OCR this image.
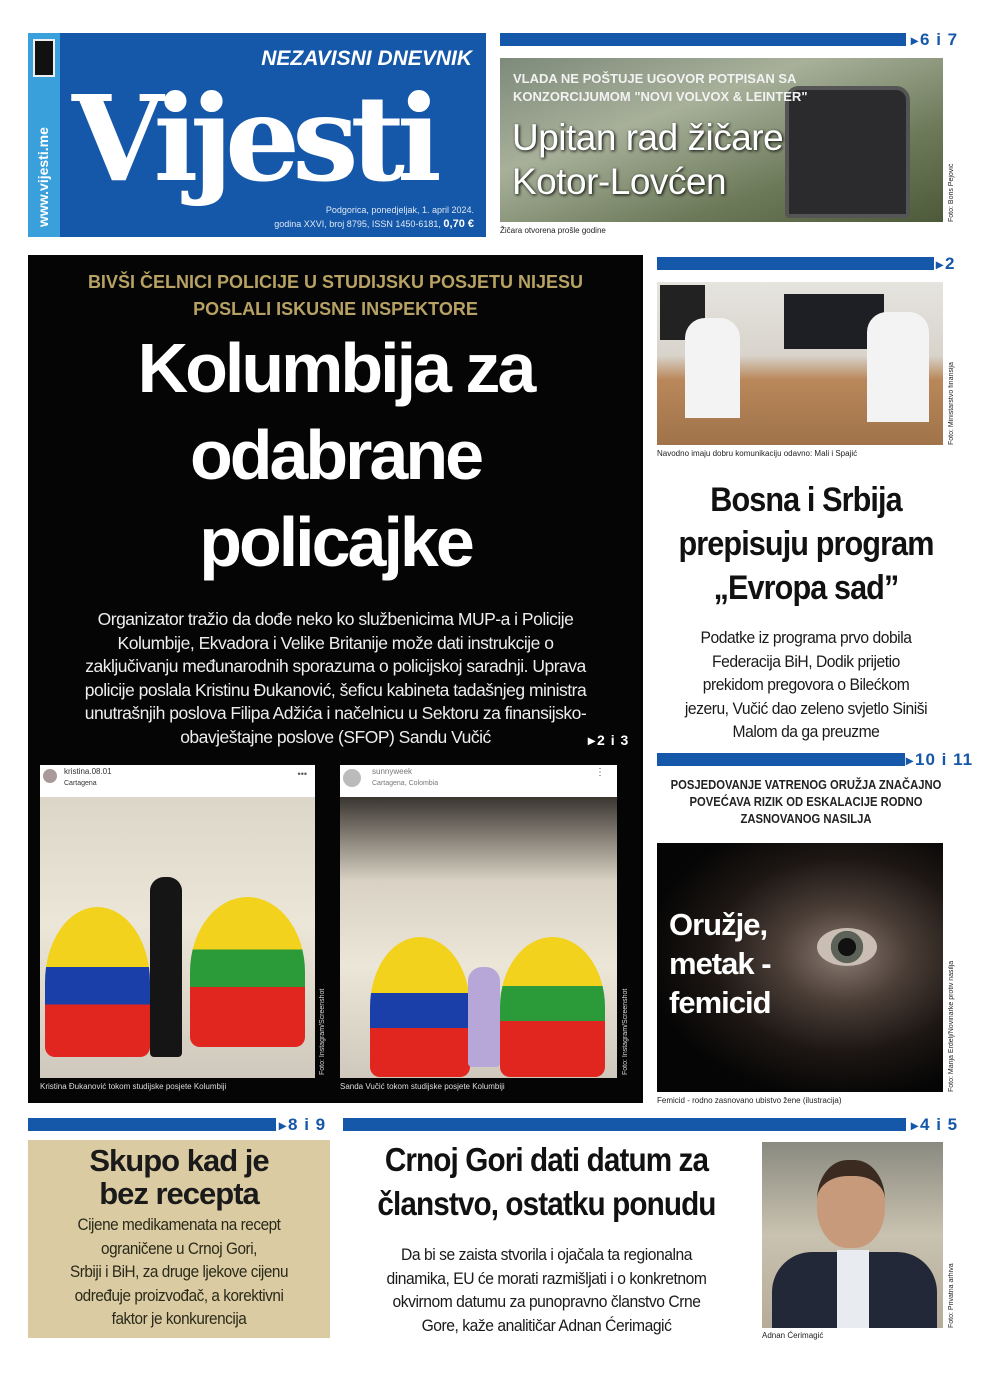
www.vijesti.me
NEZAVISNI DNEVNIK
Vijesti
Podgorica, ponedjeljak, 1. april 2024.
godina XXVI, broj 8795, ISSN 1450-6181, 0,70 €
▸ 6 i 7
VLADA NE POŠTUJE UGOVOR POTPISAN SA
KONZORCIJUMOM "NOVI VOLVOX & LEINTER"
Upitan rad žičare
Kotor-Lovćen
Žičara otvorena prošle godine
Foto: Boris Pejović
BIVŠI ČELNICI POLICIJE U STUDIJSKU POSJETU NIJESU
POSLALI ISKUSNE INSPEKTORE
Kolumbija za
odabrane
policajke
Organizator tražio da dođe neko ko službenicima MUP-a i Policije
Kolumbije, Ekvadora i Velike Britanije može dati instrukcije o
zaključivanju međunarodnih sporazuma o policijskoj saradnji. Uprava
policije poslala Kristinu Đukanović, šeficu kabineta tadašnjeg ministra
unutrašnjih poslova Filipa Adžića i načelnicu u Sektoru za finansijsko-
obavještajne poslove (SFOP) Sandu Vučić	▸ 2 i 3
kristina.08.01
Cartagena
•••	sunnyweek
Cartagena, Colombia
⋮
Kristina Đukanović tokom studijske posjete Kolumbiji	Sanda Vučić tokom studijske posjete Kolumbiji
Foto: Instagram/Screenshot	Foto: Instagram/Screenshot
▸ 2
Navodno imaju dobru komunikaciju odavno: Mali i Spajić
Foto: Ministarstvo finansija
Bosna i Srbija
prepisuju program
„Evropa sad”
Podatke iz programa prvo dobila
Federacija BiH, Dodik prijetio
prekidom pregovora o Bilećkom
jezeru, Vučić dao zeleno svjetlo Siniši
Malom da ga preuzme
▸ 10 i 11
POSJEDOVANJE VATRENOG ORUŽJA ZNAČAJNO
POVEĆAVA RIZIK OD ESKALACIJE RODNO
ZASNOVANOG NASILJA
Oružje,
metak -
femicid
Femicid - rodno zasnovano ubistvo žene (ilustracija)
Foto: Marija Erdelj/Novinarke protiv nasilja
▸ 8 i 9
Skupo kad je
bez recepta
Cijene medikamenata na recept
ograničene u Crnoj Gori,
Srbiji i BiH, za druge ljekove cijenu
određuje proizvođač, a korektivni
faktor je konkurencija
▸ 4 i 5
Crnoj Gori dati datum za
članstvo, ostatku ponudu
Da bi se zaista stvorila i ojačala ta regionalna
dinamika, EU će morati razmišljati i o konkretnom
okvirnom datumu za punopravno članstvo Crne
Gore, kaže analitičar Adnan Ćerimagić
Adnan Ćerimagić
Foto: Privatna arhiva
